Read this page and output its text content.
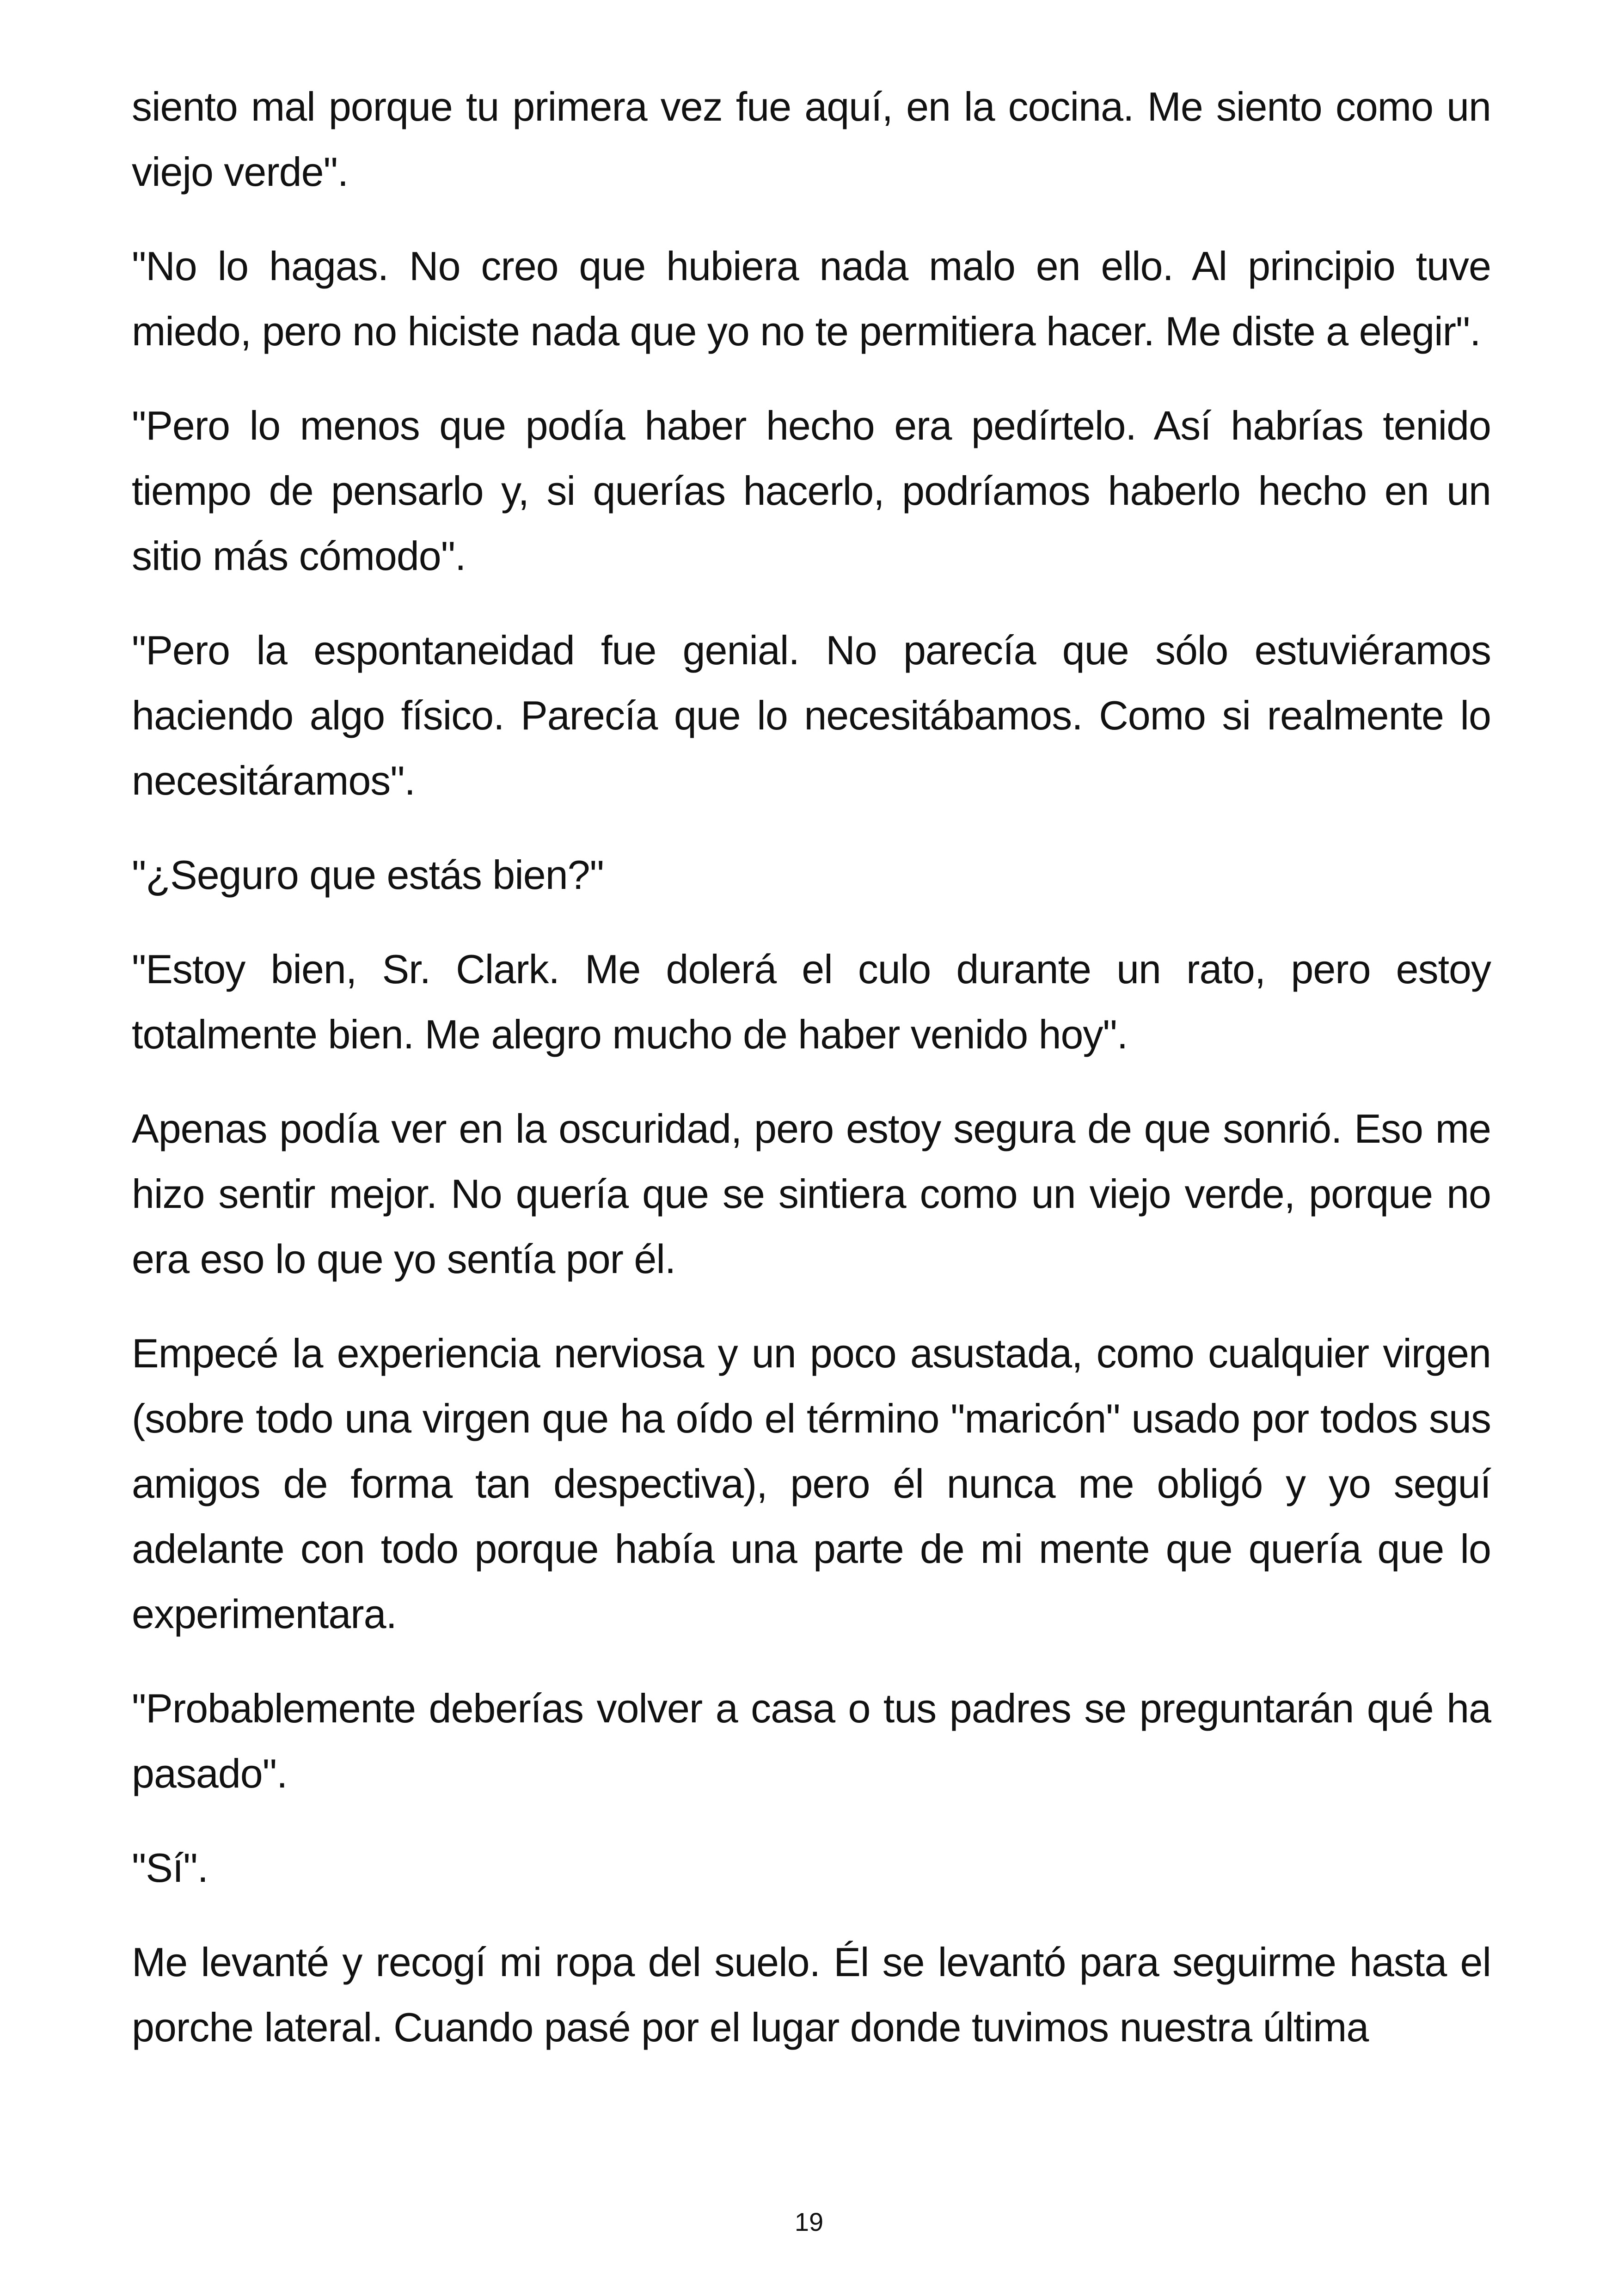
siento mal porque tu primera vez fue aquí, en la cocina. Me siento como un viejo verde".

"No lo hagas. No creo que hubiera nada malo en ello. Al principio tuve miedo, pero no hiciste nada que yo no te permitiera hacer. Me diste a elegir".

"Pero lo menos que podía haber hecho era pedírtelo. Así habrías tenido tiempo de pensarlo y, si querías hacerlo, podríamos haberlo hecho en un sitio más cómodo".

"Pero la espontaneidad fue genial. No parecía que sólo estuviéramos haciendo algo físico. Parecía que lo necesitábamos. Como si realmente lo necesitáramos".

"¿Seguro que estás bien?"

"Estoy bien, Sr. Clark. Me dolerá el culo durante un rato, pero estoy totalmente bien. Me alegro mucho de haber venido hoy".

Apenas podía ver en la oscuridad, pero estoy segura de que sonrió. Eso me hizo sentir mejor. No quería que se sintiera como un viejo verde, porque no era eso lo que yo sentía por él.

Empecé la experiencia nerviosa y un poco asustada, como cualquier virgen (sobre todo una virgen que ha oído el término "maricón" usado por todos sus amigos de forma tan despectiva), pero él nunca me obligó y yo seguí adelante con todo porque había una parte de mi mente que quería que lo experimentara.

"Probablemente deberías volver a casa o tus padres se preguntarán qué ha pasado".

"Sí".

Me levanté y recogí mi ropa del suelo. Él se levantó para seguirme hasta el porche lateral. Cuando pasé por el lugar donde tuvimos nuestra última

19
